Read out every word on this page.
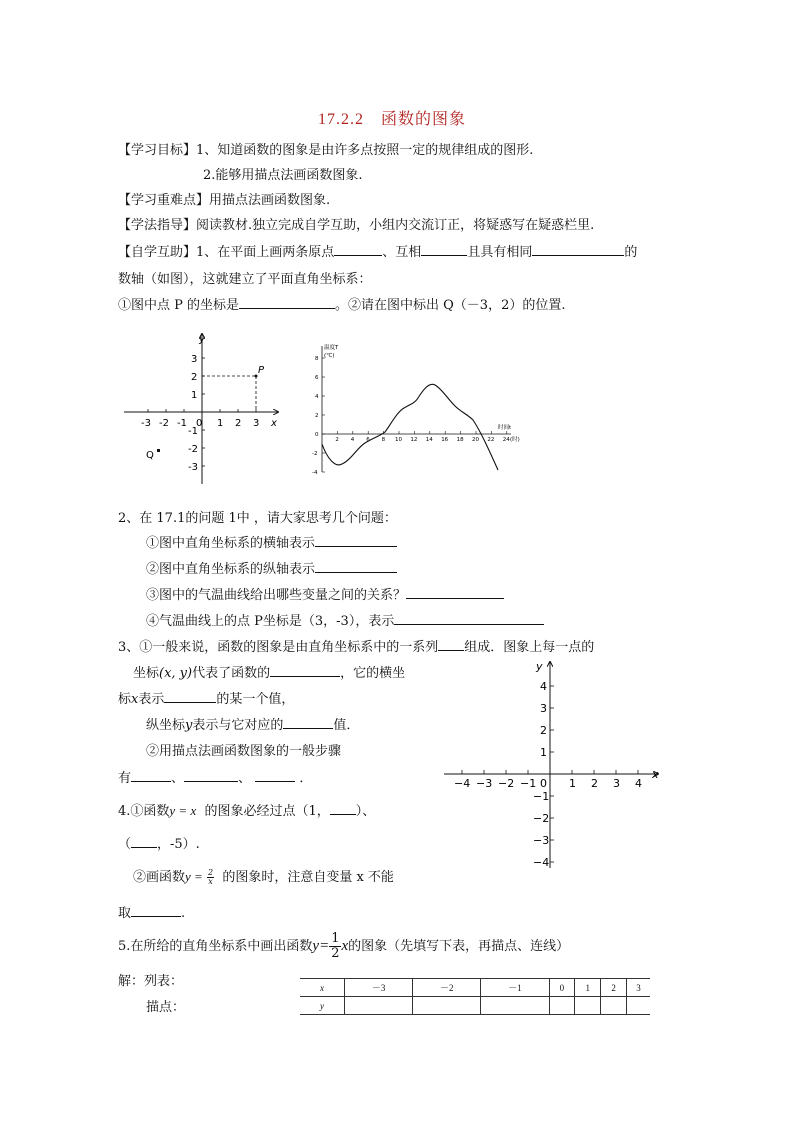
17.2.2　函数的图象
【学习目标】1、知道函数的图象是由许多点按照一定的规律组成的图形.
2.能够用描点法画函数图象.
【学习重难点】用描点法画函数图象.
【学法指导】阅读教材.独立完成自学互助，小组内交流订正，将疑惑写在疑惑栏里.
【自学互助】1、在平面上画两条原点	、互相	且具有相同	的
数轴（如图），这就建立了平面直角坐标系：
①图中点 P 的坐标是	。②请在图中标出 Q（－3，2）的位置.
y
x
-3 -2 -1 0 1 2 3
3
2
1
-1
-2
-3
P
Q
温度T
(℃)
时间t
(时)
2 4 6 8 10 12 14 16 18 20 22 24
8
6
4
2
0
-2
-4
2、在 17.1的问题 1中 ，请大家思考几个问题：
①图中直角坐标系的横轴表示
②图中直角坐标系的纵轴表示
③图中的气温曲线给出哪些变量之间的关系？
④气温曲线上的点 P坐标是（3，-3），表示
3、①一般来说，函数的图象是由直角坐标系中的一系列 组成．图象上每一点的
坐标(x, y)代表了函数的	，它的横坐
标x表示	的某一个值，
纵坐标y表示与它对应的	值．
②用描点法画函数图象的一般步骤
有	、	、	．
y
x
−4 −3 −2 −1 0 1 2 3 4
4
3
2
1
−1
−2
−3
−4
4.①函数y = x 的图象必经过点（1， ）、
（ ，-5）.
②画函数$y = \frac{2}{x}$ 的图象时，注意自变量 x 不能
取	.
5.在所给的直角坐标系中画出函数$y= \frac{1}{2}$ x的图象（先填写下表，再描点、连线）
解：列表：
描点：
x	－3	－2	－1	0	1	2	3
y							
